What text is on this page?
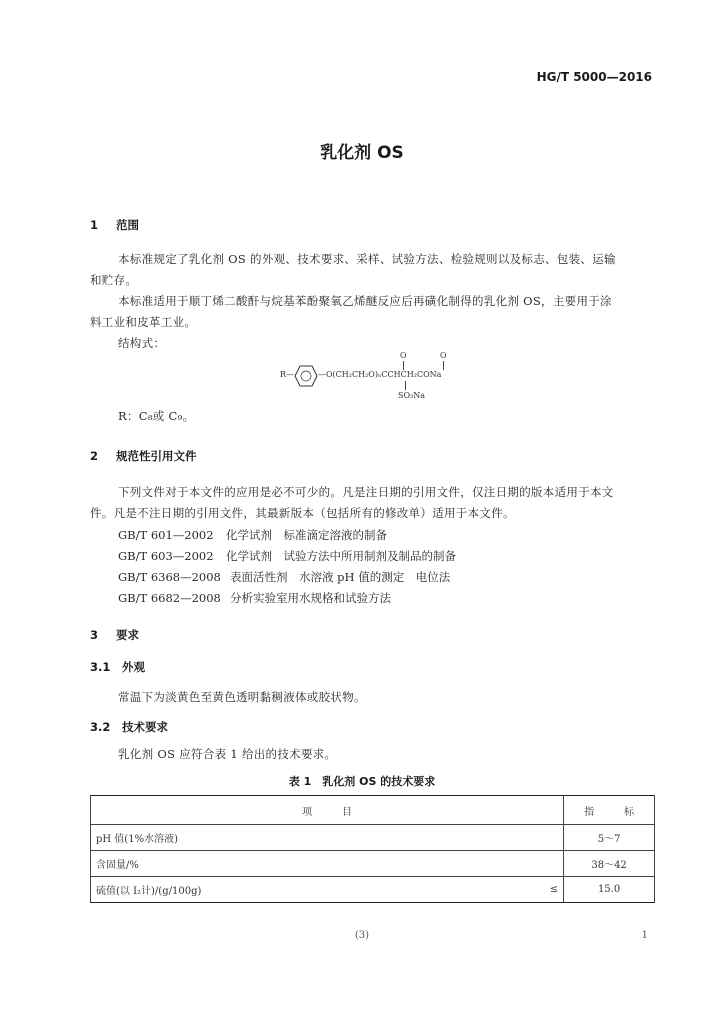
HG/T 5000—2016
乳化剂 OS
1 范围
本标准规定了乳化剂 OS 的外观、技术要求、采样、试验方法、检验规则以及标志、包装、运输
和贮存。
本标准适用于顺丁烯二酸酐与烷基苯酚聚氧乙烯醚反应后再磺化制得的乳化剂 OS，主要用于涂
料工业和皮革工业。
结构式：
O	O
R—	—O(CH₂CH₂O)ₙCCHCH₂CONa
SO₃Na
R：C₈或 C₉。
2 规范性引用文件
下列文件对于本文件的应用是必不可少的。凡是注日期的引用文件，仅注日期的版本适用于本文
件。凡是不注日期的引用文件，其最新版本（包括所有的修改单）适用于本文件。
GB/T 601—2002 化学试剂　标准滴定溶液的制备
GB/T 603—2002 化学试剂　试验方法中所用制剂及制品的制备
GB/T 6368—2008 表面活性剂　水溶液 pH 值的测定　电位法
GB/T 6682—2008 分析实验室用水规格和试验方法
3 要求
3.1 外观
常温下为淡黄色至黄色透明黏稠液体或胶状物。
3.2 技术要求
乳化剂 OS 应符合表 1 给出的技术要求。
表 1　乳化剂 OS 的技术要求
项　　　目		指　　　标
pH 值(1%水溶液)		5～7
含固量/%		38～42
硫值(以 I₂计)/(g/100g)	≤	15.0
(3)	1
